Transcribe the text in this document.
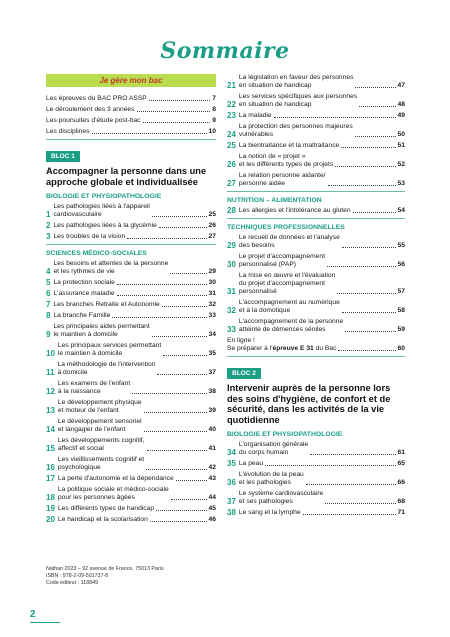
Sommaire
Je gère mon bac
Les épreuves du BAC PRO ASSP	7
Le déroulement des 3 années	8
Les poursuites d'étude post-bac	9
Les disciplines	10
BLOC 1
Accompagner la personne dans une approche globale et individualisée
BIOLOGIE ET PHYSIOPATHOLOGIE
1
Les pathologies liées à l'appareil
cardiovasculaire	25
2 Les pathologies liées à la glycémie	26
3 Les troubles de la vision	27
SCIENCES MÉDICO-SOCIALES
4
Les besoins et attentes de la personne
et les rythmes de vie	29
5 La protection sociale	30
6 L'assurance maladie	31
7 Les branches Retraite et Autonomie	32
8 La branche Famille	33
9
Les principales aides permettant
le maintien à domicile	34
10
Les principaux services permettant
le maintien à domicile	35
11
La méthodologie de l'intervention
à domicile	37
12
Les examens de l'enfant
à la naissance	38
13
Le développement physique
et moteur de l'enfant	39
14
Le développement sensoriel
et langagier de l'enfant	40
15
Les développements cognitif,
affectif et social	41
16
Les vieillissements cognitif et
psychologique	42
17 La perte d'autonomie et la dépendance	43
18
La politique sociale et médico-sociale
pour les personnes âgées	44
19 Les différents types de handicap	45
20 Le handicap et la scolarisation	46
21
La législation en faveur des personnes
en situation de handicap	47
22
Les services spécifiques aux personnes
en situation de handicap	48
23 La maladie	49
24
La protection des personnes majeures
vulnérables	50
25 La bientraitance et la maltraitance	51
26
La notion de « projet »
et les différents types de projets	52
27
La relation personne aidante/
personne aidée	53
NUTRITION – ALIMENTATION
28 Les allergies et l'intolérance au gluten	54
TECHNIQUES PROFESSIONNELLES
29
Le recueil de données et l'analyse
des besoins	55
30
Le projet d'accompagnement
personnalisé (PAP)	56
31
La mise en œuvre et l'évaluation
du projet d'accompagnement
personnalisé	57
32
L'accompagnement au numérique
et à la domotique	58
33
L'accompagnement de la personne
atteinte de démences séniles	59
En ligne !
Se préparer à l'épreuve E 31 du Bac	60
BLOC 2
Intervenir auprès de la personne lors des soins d'hygiène, de confort et de sécurité, dans les activités de la vie quotidienne
BIOLOGIE ET PHYSIOPATHOLOGIE
34
L'organisation générale
du corps humain	61
35 La peau	65
36
L'évolution de la peau
et les pathologies	66
37
Le système cardiovasculaire
et ses pathologies	68
38 Le sang et la lymphe	71
Nathan 2023 – 92 avenue de France, 75013 Paris
ISBN : 978-2-09-501737-8
Code éditeur : 118849
2
